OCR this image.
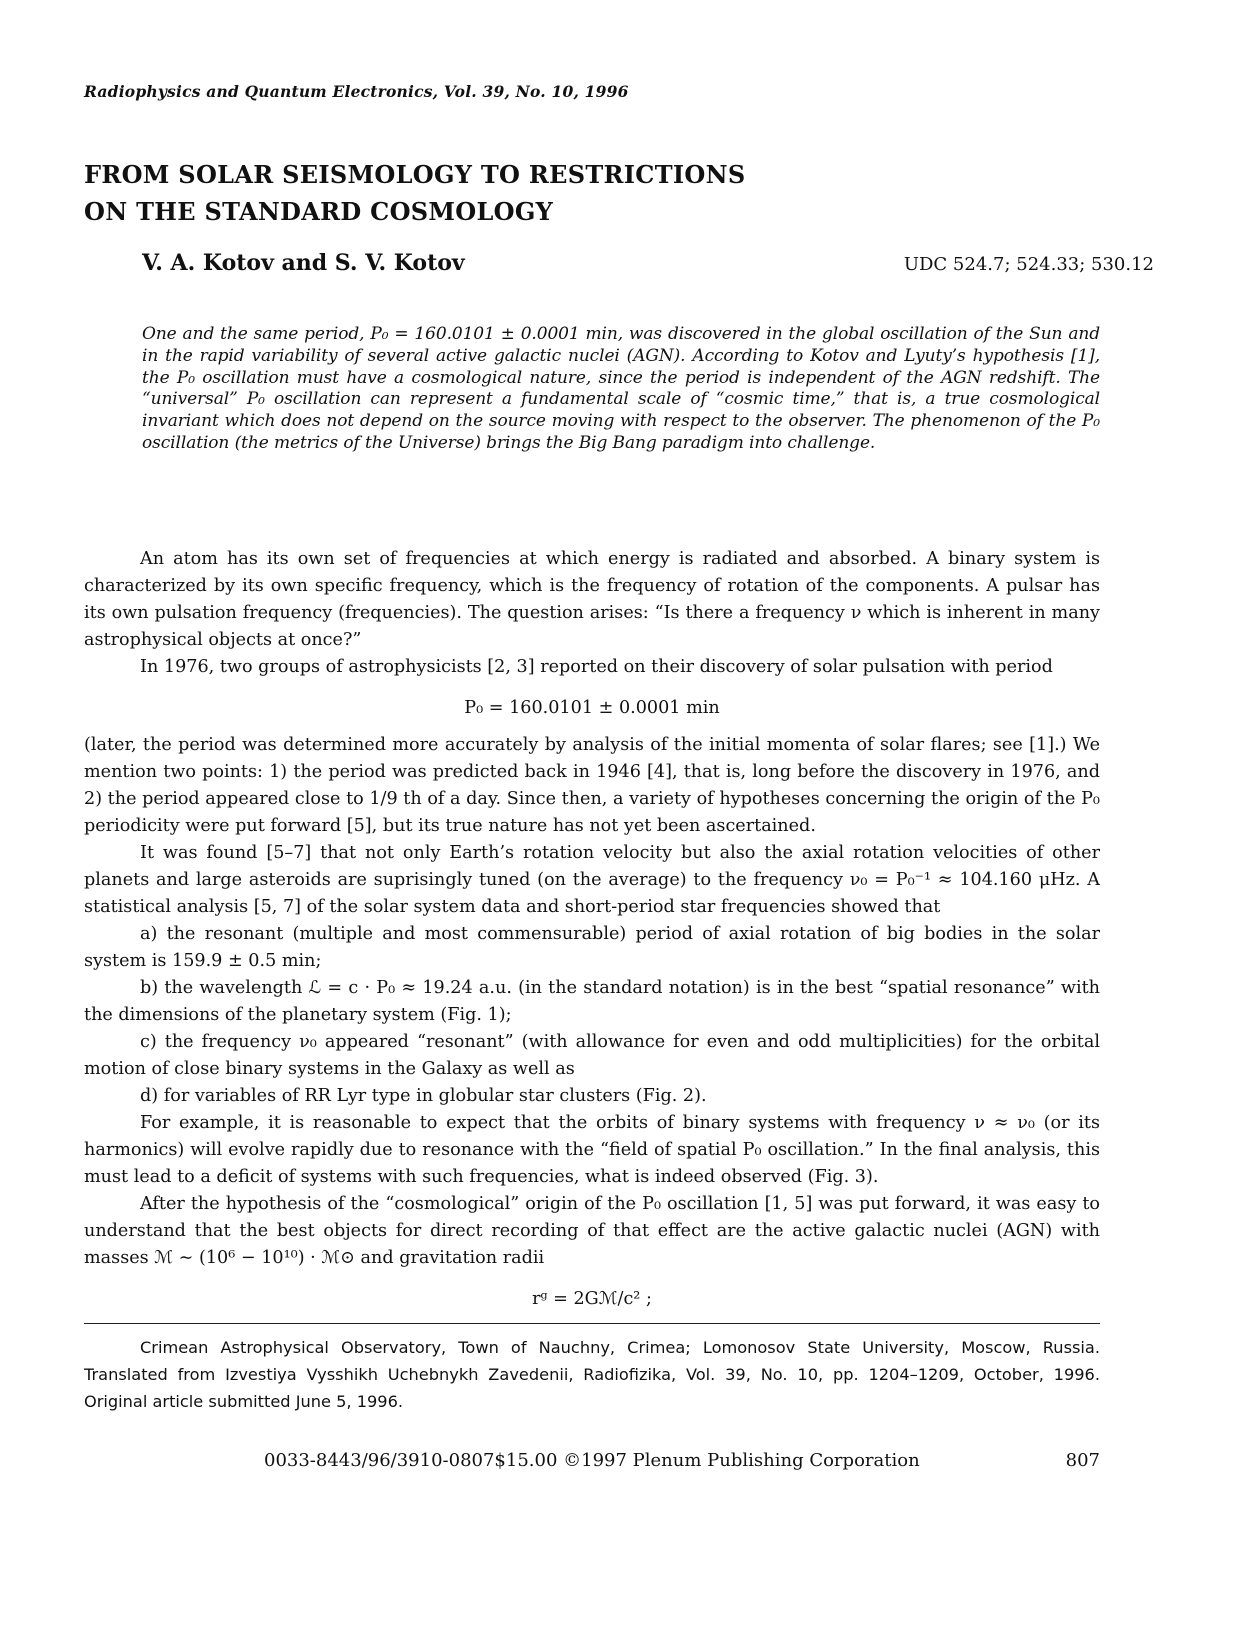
Radiophysics and Quantum Electronics, Vol. 39, No. 10, 1996
FROM SOLAR SEISMOLOGY TO RESTRICTIONS
ON THE STANDARD COSMOLOGY
V. A. Kotov and S. V. Kotov	UDC 524.7; 524.33; 530.12
One and the same period, P₀ = 160.0101 ± 0.0001 min, was discovered in the global oscillation of the Sun and in the rapid variability of several active galactic nuclei (AGN). According to Kotov and Lyuty’s hypothesis [1], the P₀ oscillation must have a cosmological nature, since the period is independent of the AGN redshift. The “universal” P₀ oscillation can represent a fundamental scale of “cosmic time,” that is, a true cosmological invariant which does not depend on the source moving with respect to the observer. The phenomenon of the P₀ oscillation (the metrics of the Universe) brings the Big Bang paradigm into challenge.

An atom has its own set of frequencies at which energy is radiated and absorbed. A binary system is characterized by its own specific frequency, which is the frequency of rotation of the components. A pulsar has its own pulsation frequency (frequencies). The question arises: “Is there a frequency ν which is inherent in many astrophysical objects at once?”

In 1976, two groups of astrophysicists [2, 3] reported on their discovery of solar pulsation with period

P₀ = 160.0101 ± 0.0001 min

(later, the period was determined more accurately by analysis of the initial momenta of solar flares; see [1].) We mention two points: 1) the period was predicted back in 1946 [4], that is, long before the discovery in 1976, and 2) the period appeared close to 1/9 th of a day. Since then, a variety of hypotheses concerning the origin of the P₀ periodicity were put forward [5], but its true nature has not yet been ascertained.

It was found [5–7] that not only Earth’s rotation velocity but also the axial rotation velocities of other planets and large asteroids are suprisingly tuned (on the average) to the frequency ν₀ = P₀⁻¹ ≈ 104.160 μHz. A statistical analysis [5, 7] of the solar system data and short-period star frequencies showed that

a) the resonant (multiple and most commensurable) period of axial rotation of big bodies in the solar system is 159.9 ± 0.5 min;

b) the wavelength ℒ = c · P₀ ≈ 19.24 a.u. (in the standard notation) is in the best “spatial resonance” with the dimensions of the planetary system (Fig. 1);

c) the frequency ν₀ appeared “resonant” (with allowance for even and odd multiplicities) for the orbital motion of close binary systems in the Galaxy as well as

d) for variables of RR Lyr type in globular star clusters (Fig. 2).

For example, it is reasonable to expect that the orbits of binary systems with frequency ν ≈ ν₀ (or its harmonics) will evolve rapidly due to resonance with the “field of spatial P₀ oscillation.” In the final analysis, this must lead to a deficit of systems with such frequencies, what is indeed observed (Fig. 3).

After the hypothesis of the “cosmological” origin of the P₀ oscillation [1, 5] was put forward, it was easy to understand that the best objects for direct recording of that effect are the active galactic nuclei (AGN) with masses ℳ ∼ (10⁶ − 10¹⁰) · ℳ⊙ and gravitation radii

rᵍ = 2Gℳ/c² ;
Crimean Astrophysical Observatory, Town of Nauchny, Crimea; Lomonosov State University, Moscow, Russia. Translated from Izvestiya Vysshikh Uchebnykh Zavedenii, Radiofizika, Vol. 39, No. 10, pp. 1204–1209, October, 1996. Original article submitted June 5, 1996.
0033-8443/96/3910-0807$15.00 ©1997 Plenum Publishing Corporation	807
